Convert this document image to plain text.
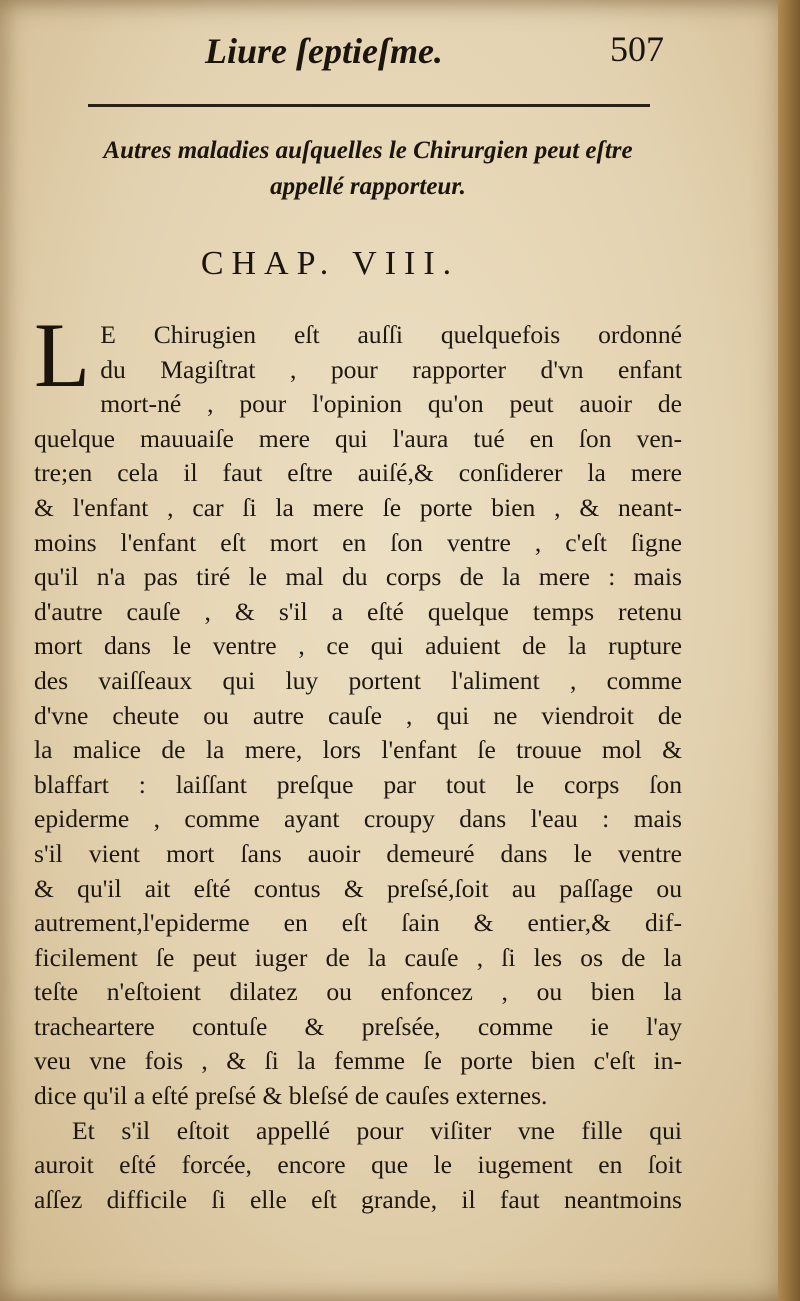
Liure ſeptieſme.	507
Autres maladies auſquelles le Chirurgien peut eſtre
appellé rapporteur.
CHAP. VIII.
L E Chirugien eſt auſſi quelquefois ordonné
du Magiſtrat , pour rapporter d'vn enfant
mort-né , pour l'opinion qu'on peut auoir de
quelque mauuaiſe mere qui l'aura tué en ſon ven-
tre;en cela il faut eſtre auiſé,& conſiderer la mere
& l'enfant , car ſi la mere ſe porte bien , & neant-
moins l'enfant eſt mort en ſon ventre , c'eſt ſigne
qu'il n'a pas tiré le mal du corps de la mere : mais
d'autre cauſe , & s'il a eſté quelque temps retenu
mort dans le ventre , ce qui aduient de la rupture
des vaiſſeaux qui luy portent l'aliment , comme
d'vne cheute ou autre cauſe , qui ne viendroit de
la malice de la mere, lors l'enfant ſe trouue mol &
blaffart : laiſſant preſque par tout le corps ſon
epiderme , comme ayant croupy dans l'eau : mais
s'il vient mort ſans auoir demeuré dans le ventre
& qu'il ait eſté contus & preſsé,ſoit au paſſage ou
autrement,l'epiderme en eſt ſain & entier,& dif-
ficilement ſe peut iuger de la cauſe , ſi les os de la
teſte n'eſtoient dilatez ou enfoncez , ou bien la
tracheartere contuſe & preſsée, comme ie l'ay
veu vne fois , & ſi la femme ſe porte bien c'eſt in-
dice qu'il a eſté preſsé & bleſsé de cauſes externes.
Et s'il eſtoit appellé pour viſiter vne fille qui
auroit eſté forcée, encore que le iugement en ſoit
aſſez difficile ſi elle eſt grande, il faut neantmoins
